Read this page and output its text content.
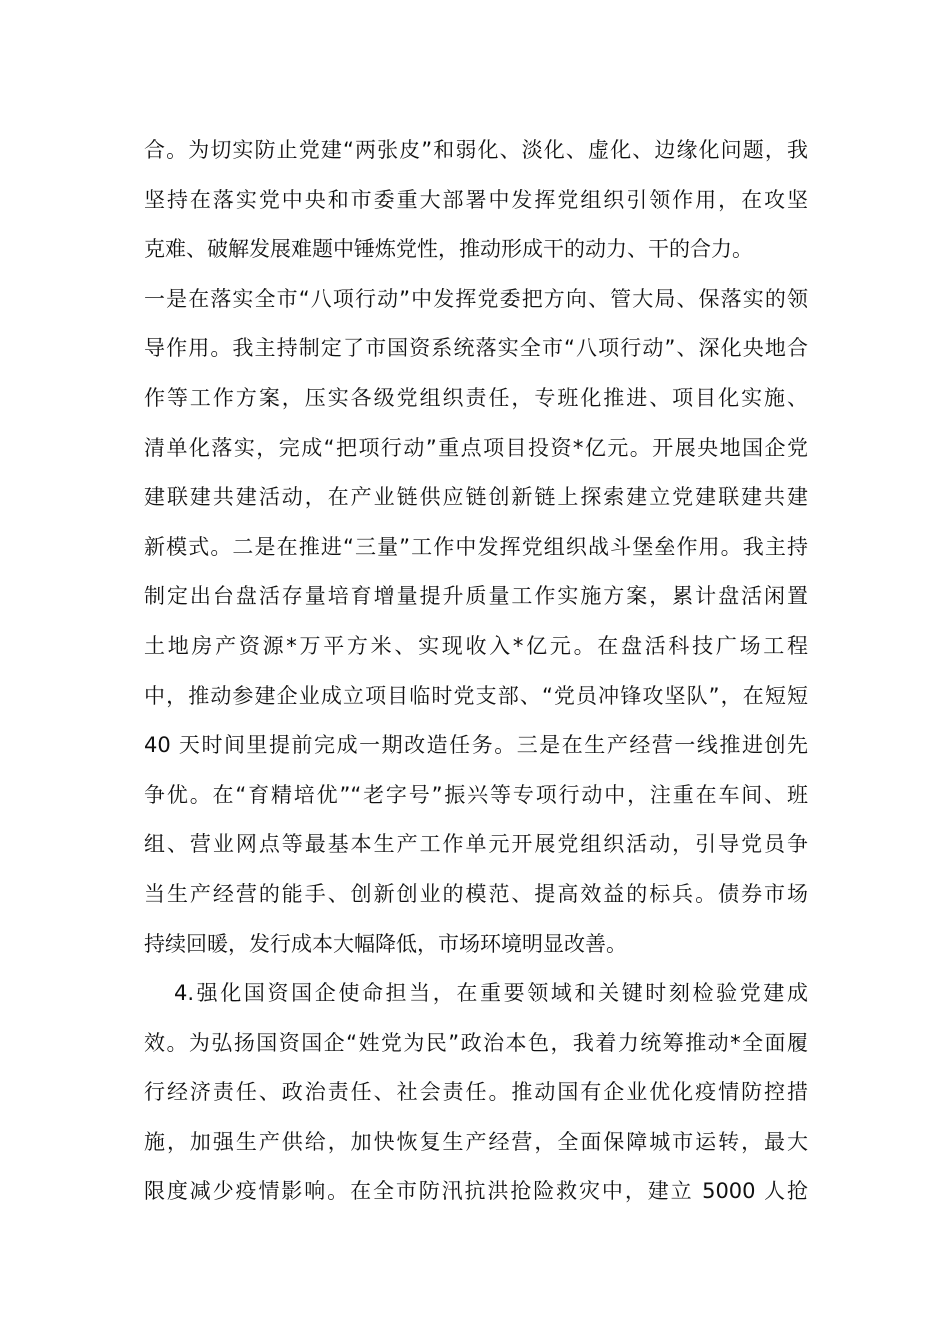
合。为切实防止党建“两张皮”和弱化、淡化、虚化、边缘化问题，我
坚持在落实党中央和市委重大部署中发挥党组织引领作用，在攻坚
克难、破解发展难题中锤炼党性，推动形成干的动力、干的合力。
一是在落实全市“八项行动”中发挥党委把方向、管大局、保落实的领
导作用。我主持制定了市国资系统落实全市“八项行动”、深化央地合
作等工作方案，压实各级党组织责任，专班化推进、项目化实施、
清单化落实，完成“把项行动”重点项目投资*亿元。开展央地国企党
建联建共建活动，在产业链供应链创新链上探索建立党建联建共建
新模式。二是在推进“三量”工作中发挥党组织战斗堡垒作用。我主持
制定出台盘活存量培育增量提升质量工作实施方案，累计盘活闲置
土地房产资源*万平方米、实现收入*亿元。在盘活科技广场工程
中，推动参建企业成立项目临时党支部、“党员冲锋攻坚队”，在短短
40 天时间里提前完成一期改造任务。三是在生产经营一线推进创先
争优。在“育精培优”“老字号”振兴等专项行动中，注重在车间、班
组、营业网点等最基本生产工作单元开展党组织活动，引导党员争
当生产经营的能手、创新创业的模范、提高效益的标兵。债券市场
持续回暖，发行成本大幅降低，市场环境明显改善。
4.强化国资国企使命担当，在重要领域和关键时刻检验党建成
效。为弘扬国资国企“姓党为民”政治本色，我着力统筹推动*全面履
行经济责任、政治责任、社会责任。推动国有企业优化疫情防控措
施，加强生产供给，加快恢复生产经营，全面保障城市运转，最大
限度减少疫情影响。在全市防汛抗洪抢险救灾中，建立 5000 人抢
